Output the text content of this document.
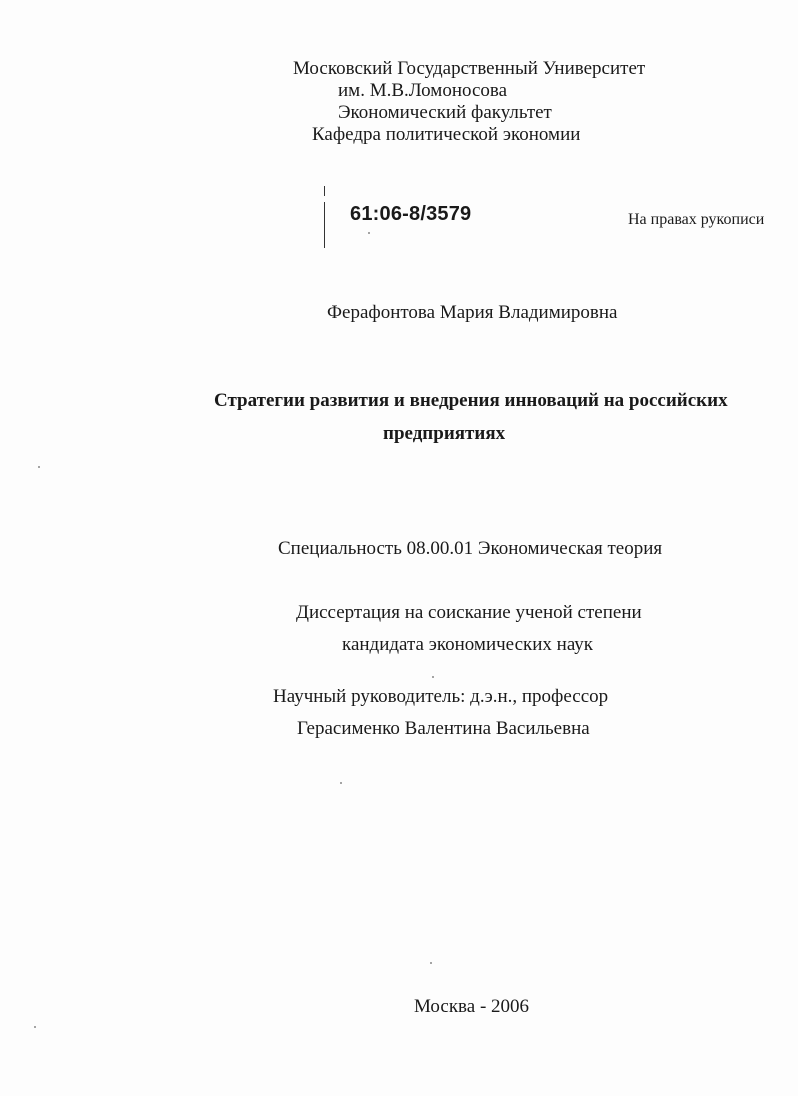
Московский Государственный Университет
им. М.В.Ломоносова
Экономический факультет
Кафедра политической экономии
61:06-8/3579	На правах рукописи
Ферафонтова Мария Владимировна
Стратегии развития и внедрения инноваций на российских
предприятиях
Специальность 08.00.01 Экономическая теория
Диссертация на соискание ученой степени
кандидата экономических наук
Научный руководитель: д.э.н., профессор
Герасименко Валентина Васильевна
Москва - 2006
